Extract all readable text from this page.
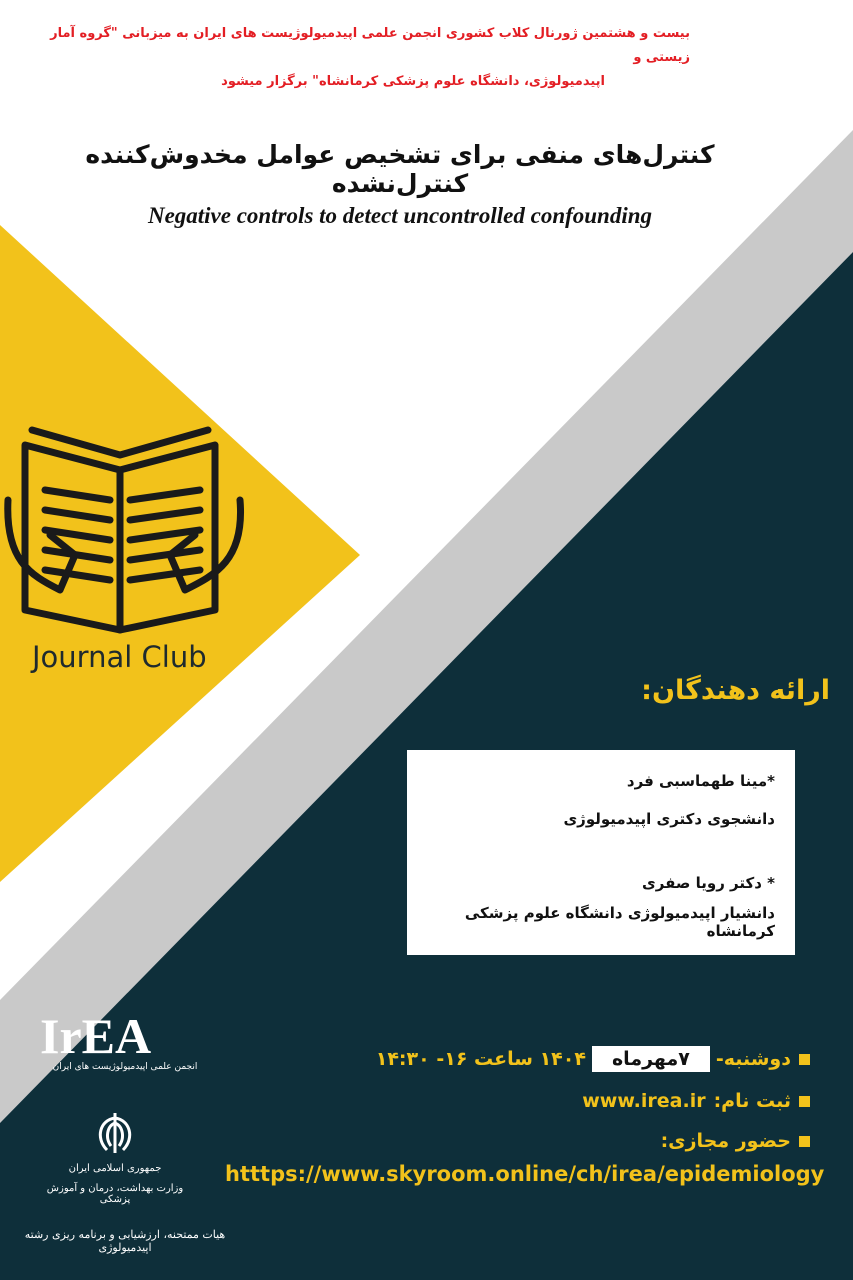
بیست و هشتمین ژورنال کلاب کشوری انجمن علمی اپیدمیولوژیست های ایران به میزبانی "گروه آمار زیستی و
اپیدمیولوژی، دانشگاه علوم پزشکی کرمانشاه" برگزار میشود
کنترل‌های منفی برای تشخیص عوامل مخدوش‌کننده کنترل‌نشده
Negative controls to detect uncontrolled confounding
Journal Club
ارائه دهندگان:
*مینا طهماسبی فرد
دانشجوی دکتری اپیدمیولوژی
* دکتر رویا صفری
دانشیار اپیدمیولوژی دانشگاه علوم پزشکی کرمانشاه
IrEA
انجمن علمی اپیدمیولوژیست های ایران	دوشنبه-
۷مهرماه
۱۴۰۴ ساعت ۱۶- ۱۴:۳۰
ثبت نام:
www.irea.ir
حضور مجازی:
htttps://www.skyroom.online/ch/irea/epidemiology
جمهوری اسلامی ایران
وزارت بهداشت، درمان و آموزش پزشکی
هیات ممتحنه، ارزشیابی و برنامه ریزی رشته اپیدمیولوژی
